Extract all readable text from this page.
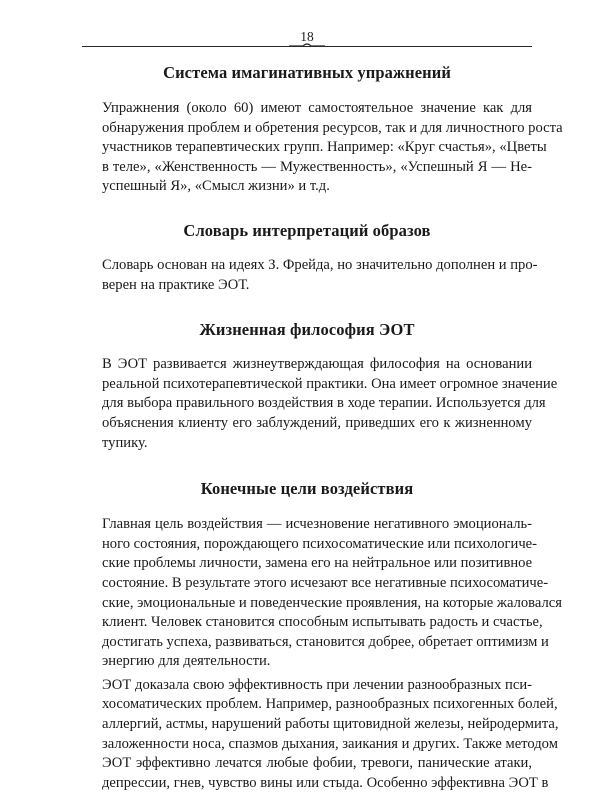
18
Система имагинативных упражнений
Упражнения (около 60) имеют самостоятельное значение как для
обнаружения проблем и обретения ресурсов, так и для личностного роста
участников терапевтических групп. Например: «Круг счастья», «Цветы
в теле», «Женственность — Мужественность», «Успешный Я — Не-
успешный Я», «Смысл жизни» и т.д.
Словарь интерпретаций образов
Словарь основан на идеях З. Фрейда, но значительно дополнен и про-
верен на практике ЭОТ.
Жизненная философия ЭОТ
В ЭОТ развивается жизнеутверждающая философия на основании
реальной психотерапевтической практики. Она имеет огромное значение
для выбора правильного воздействия в ходе терапии. Используется для
объяснения клиенту его заблуждений, приведших его к жизненному
тупику.
Конечные цели воздействия
Главная цель воздействия — исчезновение негативного эмоциональ-
ного состояния, порождающего психосоматические или психологиче-
ские проблемы личности, замена его на нейтральное или позитивное
состояние. В результате этого исчезают все негативные психосоматиче-
ские, эмоциональные и поведенческие проявления, на которые жаловался
клиент. Человек становится способным испытывать радость и счастье,
достигать успеха, развиваться, становится добрее, обретает оптимизм и
энергию для деятельности.
ЭОТ доказала свою эффективность при лечении разнообразных пси-
хосоматических проблем. Например, разнообразных психогенных болей,
аллергий, астмы, нарушений работы щитовидной железы, нейродермита,
заложенности носа, спазмов дыхания, заикания и других. Также методом
ЭОТ эффективно лечатся любые фобии, тревоги, панические атаки,
депрессии, гнев, чувство вины или стыда. Особенно эффективна ЭОТ в
